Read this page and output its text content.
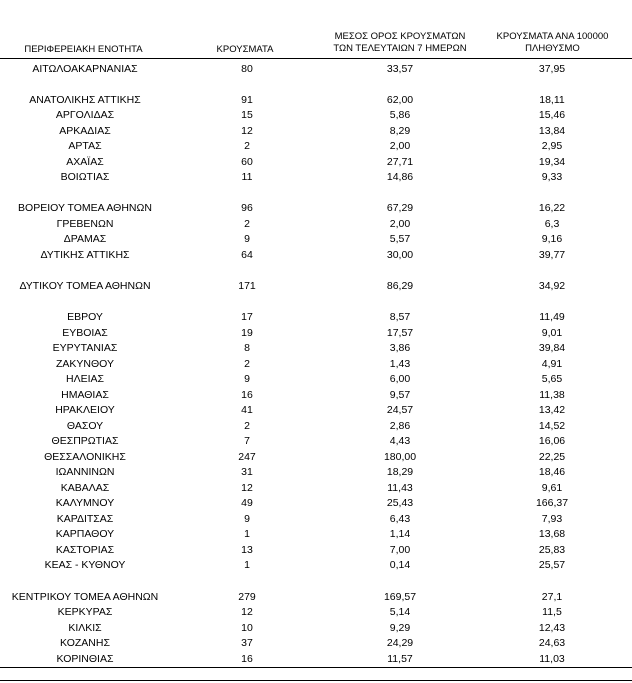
ΠΕΡΙΦΕΡΕΙΑΚΗ ΕΝΟΤΗΤΑ	ΚΡΟΥΣΜΑΤΑ
ΜΕΣΟΣ ΟΡΟΣ ΚΡΟΥΣΜΑΤΩΝ
ΤΩΝ ΤΕΛΕΥΤΑΙΩΝ 7 ΗΜΕΡΩΝ
ΚΡΟΥΣΜΑΤΑ ΑΝΑ 100000
ΠΛΗΘΥΣΜΟ
ΑΙΤΩΛΟΑΚΑΡΝΑΝΙΑΣ	80	33,57	37,95
ΑΝΑΤΟΛΙΚΗΣ ΑΤΤΙΚΗΣ	91	62,00	18,11
ΑΡΓΟΛΙΔΑΣ	15	5,86	15,46
ΑΡΚΑΔΙΑΣ	12	8,29	13,84
ΑΡΤΑΣ	2	2,00	2,95
ΑΧΑΪΑΣ	60	27,71	19,34
ΒΟΙΩΤΙΑΣ	11	14,86	9,33
ΒΟΡΕΙΟΥ ΤΟΜΕΑ ΑΘΗΝΩΝ	96	67,29	16,22
ΓΡΕΒΕΝΩΝ	2	2,00	6,3
ΔΡΑΜΑΣ	9	5,57	9,16
ΔΥΤΙΚΗΣ ΑΤΤΙΚΗΣ	64	30,00	39,77
ΔΥΤΙΚΟΥ ΤΟΜΕΑ ΑΘΗΝΩΝ	171	86,29	34,92
ΕΒΡΟΥ	17	8,57	11,49
ΕΥΒΟΙΑΣ	19	17,57	9,01
ΕΥΡΥΤΑΝΙΑΣ	8	3,86	39,84
ΖΑΚΥΝΘΟΥ	2	1,43	4,91
ΗΛΕΙΑΣ	9	6,00	5,65
ΗΜΑΘΙΑΣ	16	9,57	11,38
ΗΡΑΚΛΕΙΟΥ	41	24,57	13,42
ΘΑΣΟΥ	2	2,86	14,52
ΘΕΣΠΡΩΤΙΑΣ	7	4,43	16,06
ΘΕΣΣΑΛΟΝΙΚΗΣ	247	180,00	22,25
ΙΩΑΝΝΙΝΩΝ	31	18,29	18,46
ΚΑΒΑΛΑΣ	12	11,43	9,61
ΚΑΛΥΜΝΟΥ	49	25,43	166,37
ΚΑΡΔΙΤΣΑΣ	9	6,43	7,93
ΚΑΡΠΑΘΟΥ	1	1,14	13,68
ΚΑΣΤΟΡΙΑΣ	13	7,00	25,83
ΚΕΑΣ - ΚΥΘΝΟΥ	1	0,14	25,57
ΚΕΝΤΡΙΚΟΥ ΤΟΜΕΑ ΑΘΗΝΩΝ	279	169,57	27,1
ΚΕΡΚΥΡΑΣ	12	5,14	11,5
ΚΙΛΚΙΣ	10	9,29	12,43
ΚΟΖΑΝΗΣ	37	24,29	24,63
ΚΟΡΙΝΘΙΑΣ	16	11,57	11,03
